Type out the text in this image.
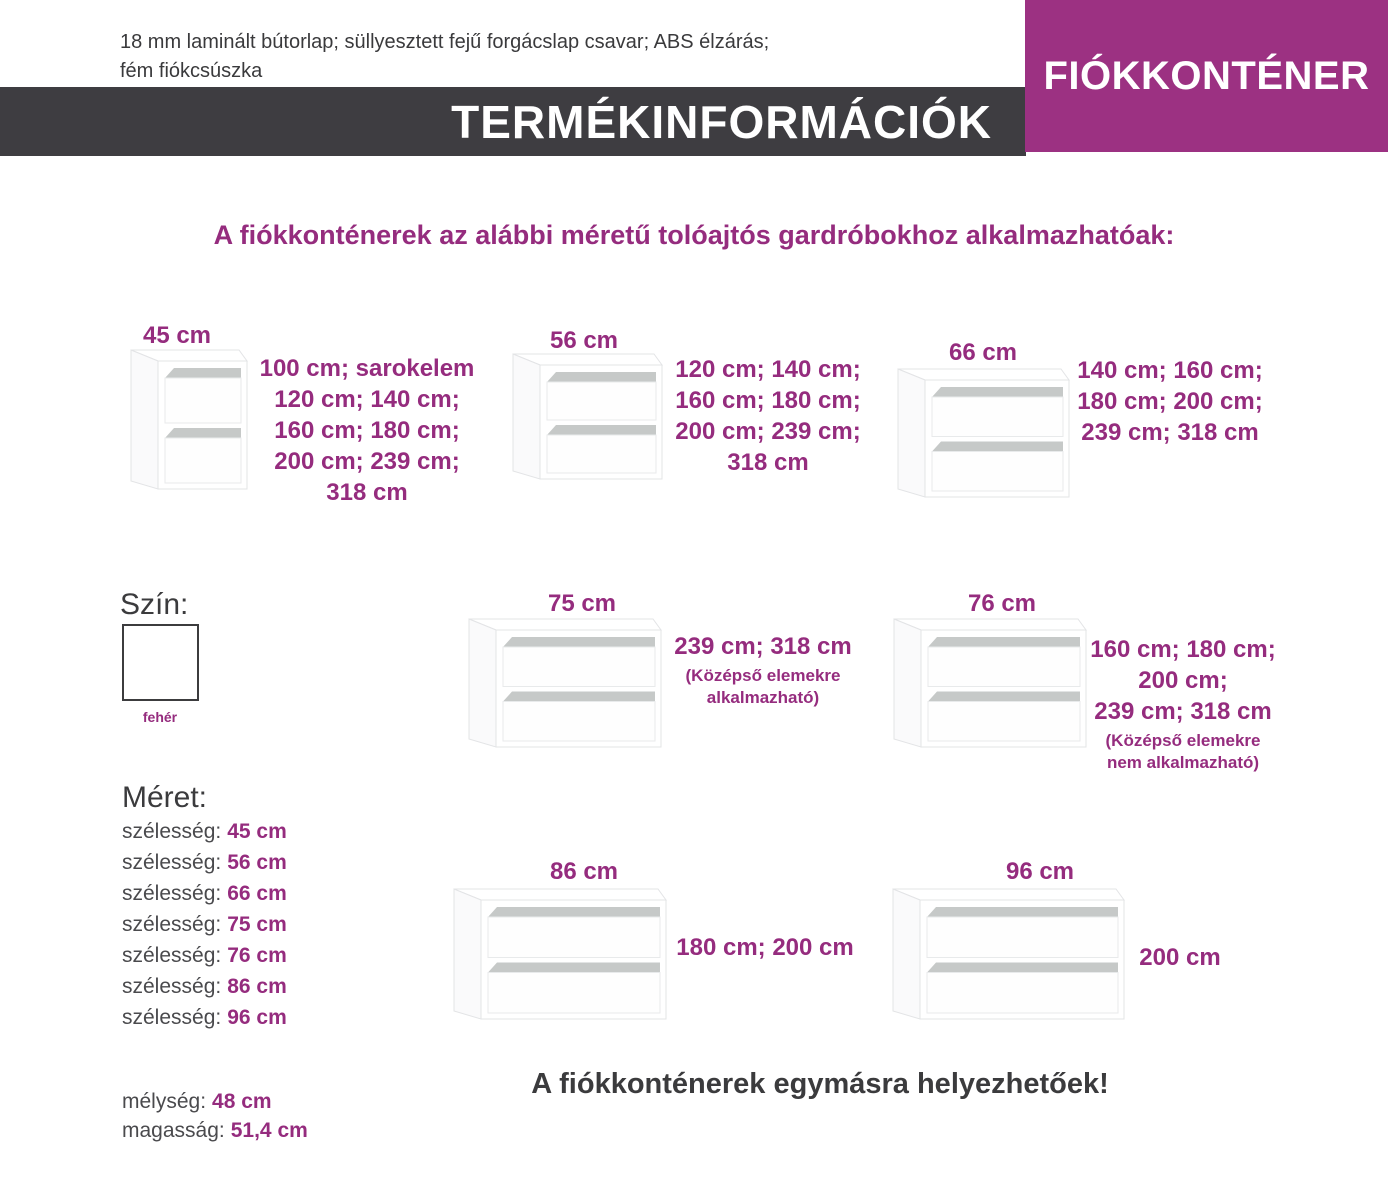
18 mm laminált bútorlap; süllyesztett fejű forgácslap csavar; ABS élzárás;
fém fiókcsúszka
TERMÉKINFORMÁCIÓK
FIÓKKONTÉNER
A fiókkonténerek az alábbi méretű tolóajtós gardróbokhoz alkalmazhatóak:
45 cm
100 cm; sarokelem
120 cm; 140 cm;
160 cm; 180 cm;
200 cm; 239 cm;
318 cm
56 cm
120 cm; 140 cm;
160 cm; 180 cm;
200 cm; 239 cm;
318 cm
66 cm
140 cm; 160 cm;
180 cm; 200 cm;
239 cm; 318 cm
75 cm
239 cm; 318 cm
(Középső elemekre
alkalmazható)
76 cm
160 cm; 180 cm;
200 cm;
239 cm; 318 cm
(Középső elemekre
nem alkalmazható)
86 cm
180 cm; 200 cm
96 cm
200 cm
Szín:
fehér
Méret:
szélesség: 45 cm
szélesség: 56 cm
szélesség: 66 cm
szélesség: 75 cm
szélesség: 76 cm
szélesség: 86 cm
szélesség: 96 cm
mélység: 48 cm
magasság: 51,4 cm
A fiókkonténerek egymásra helyezhetőek!
